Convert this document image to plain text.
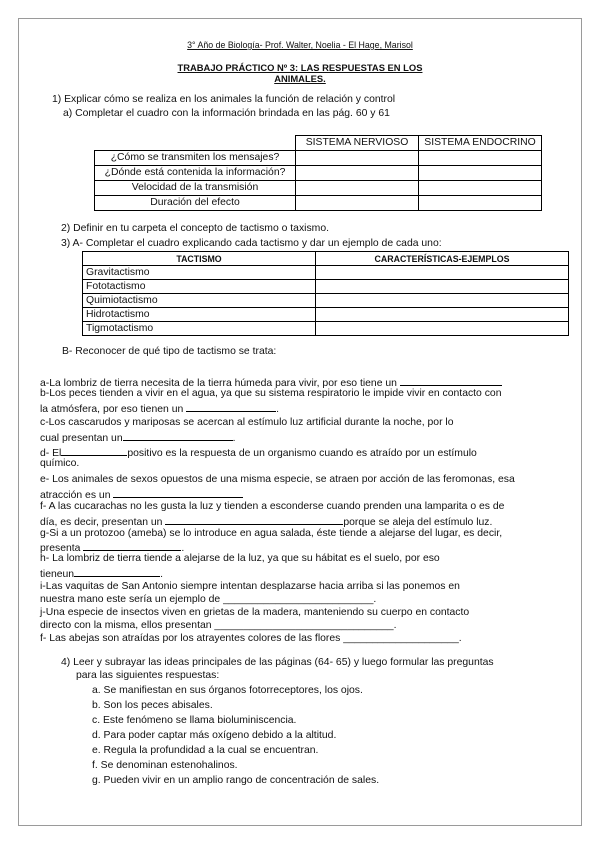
3° Año de Biología- Prof. Walter, Noelia - El Hage, Marisol
TRABAJO PRÁCTICO Nº 3: LAS RESPUESTAS EN LOS
ANIMALES.

1) Explicar cómo se realiza en los animales la función de relación y control

a) Completar el cuadro con la información brindada en las pág. 60 y 61

	SISTEMA NERVIOSO	SISTEMA ENDOCRINO
¿Cómo se transmiten los mensajes?		
¿Dónde está contenida la información?		
Velocidad de la transmisión		
Duración del efecto		

2) Definir en tu carpeta el concepto de tactismo o taxismo.

3) A- Completar el cuadro explicando cada tactismo y dar un ejemplo de cada uno:

TACTISMO	CARACTERÍSTICAS-EJEMPLOS
Gravitactismo	
Fototactismo	
Quimiotactismo	
Hidrotactismo	
Tigmotactismo	

B- Reconocer de qué tipo de tactismo se trata:

a-La lombriz de tierra necesita de la tierra húmeda para vivir, por eso tiene un

b-Los peces tienden a vivir en el agua, ya que su sistema respiratorio le impide vivir en contacto con

la atmósfera, por eso tienen un	.

c-Los cascarudos y mariposas se acercan al estímulo luz artificial durante la noche, por lo

cual presentan un	.

d- El	positivo es la respuesta de un organismo cuando es atraído por un estímulo

químico.

e- Los animales de sexos opuestos de una misma especie, se atraen por acción de las feromonas, esa

atracción es un

f- A las cucarachas no les gusta la luz y tienden a esconderse cuando prenden una lamparita o es de

día, es decir, presentan un	porque se aleja del estímulo luz.

g-Si a un protozoo (ameba) se lo introduce en agua salada, éste tiende a alejarse del lugar, es decir,

presenta	.

h- La lombriz de tierra tiende a alejarse de la luz, ya que su hábitat es el suelo, por eso

tieneun	.

i-Las vaquitas de San Antonio siempre intentan desplazarse hacia arriba si las ponemos en

nuestra mano este sería un ejemplo de __________________________.

j-Una especie de insectos viven en grietas de la madera, manteniendo su cuerpo en contacto

directo con la misma, ellos presentan _______________________________.

f- Las abejas son atraídas por los atrayentes colores de las flores ____________________.

4) Leer y subrayar las ideas principales de las páginas (64- 65) y luego formular las preguntas

para las siguientes respuestas:

a. Se manifiestan en sus órganos fotorreceptores, los ojos.

b. Son los peces abisales.

c. Este fenómeno se llama bioluminiscencia.

d. Para poder captar más oxígeno debido a la altitud.

e. Regula la profundidad a la cual se encuentran.

f. Se denominan estenohalinos.

g. Pueden vivir en un amplio rango de concentración de sales.
